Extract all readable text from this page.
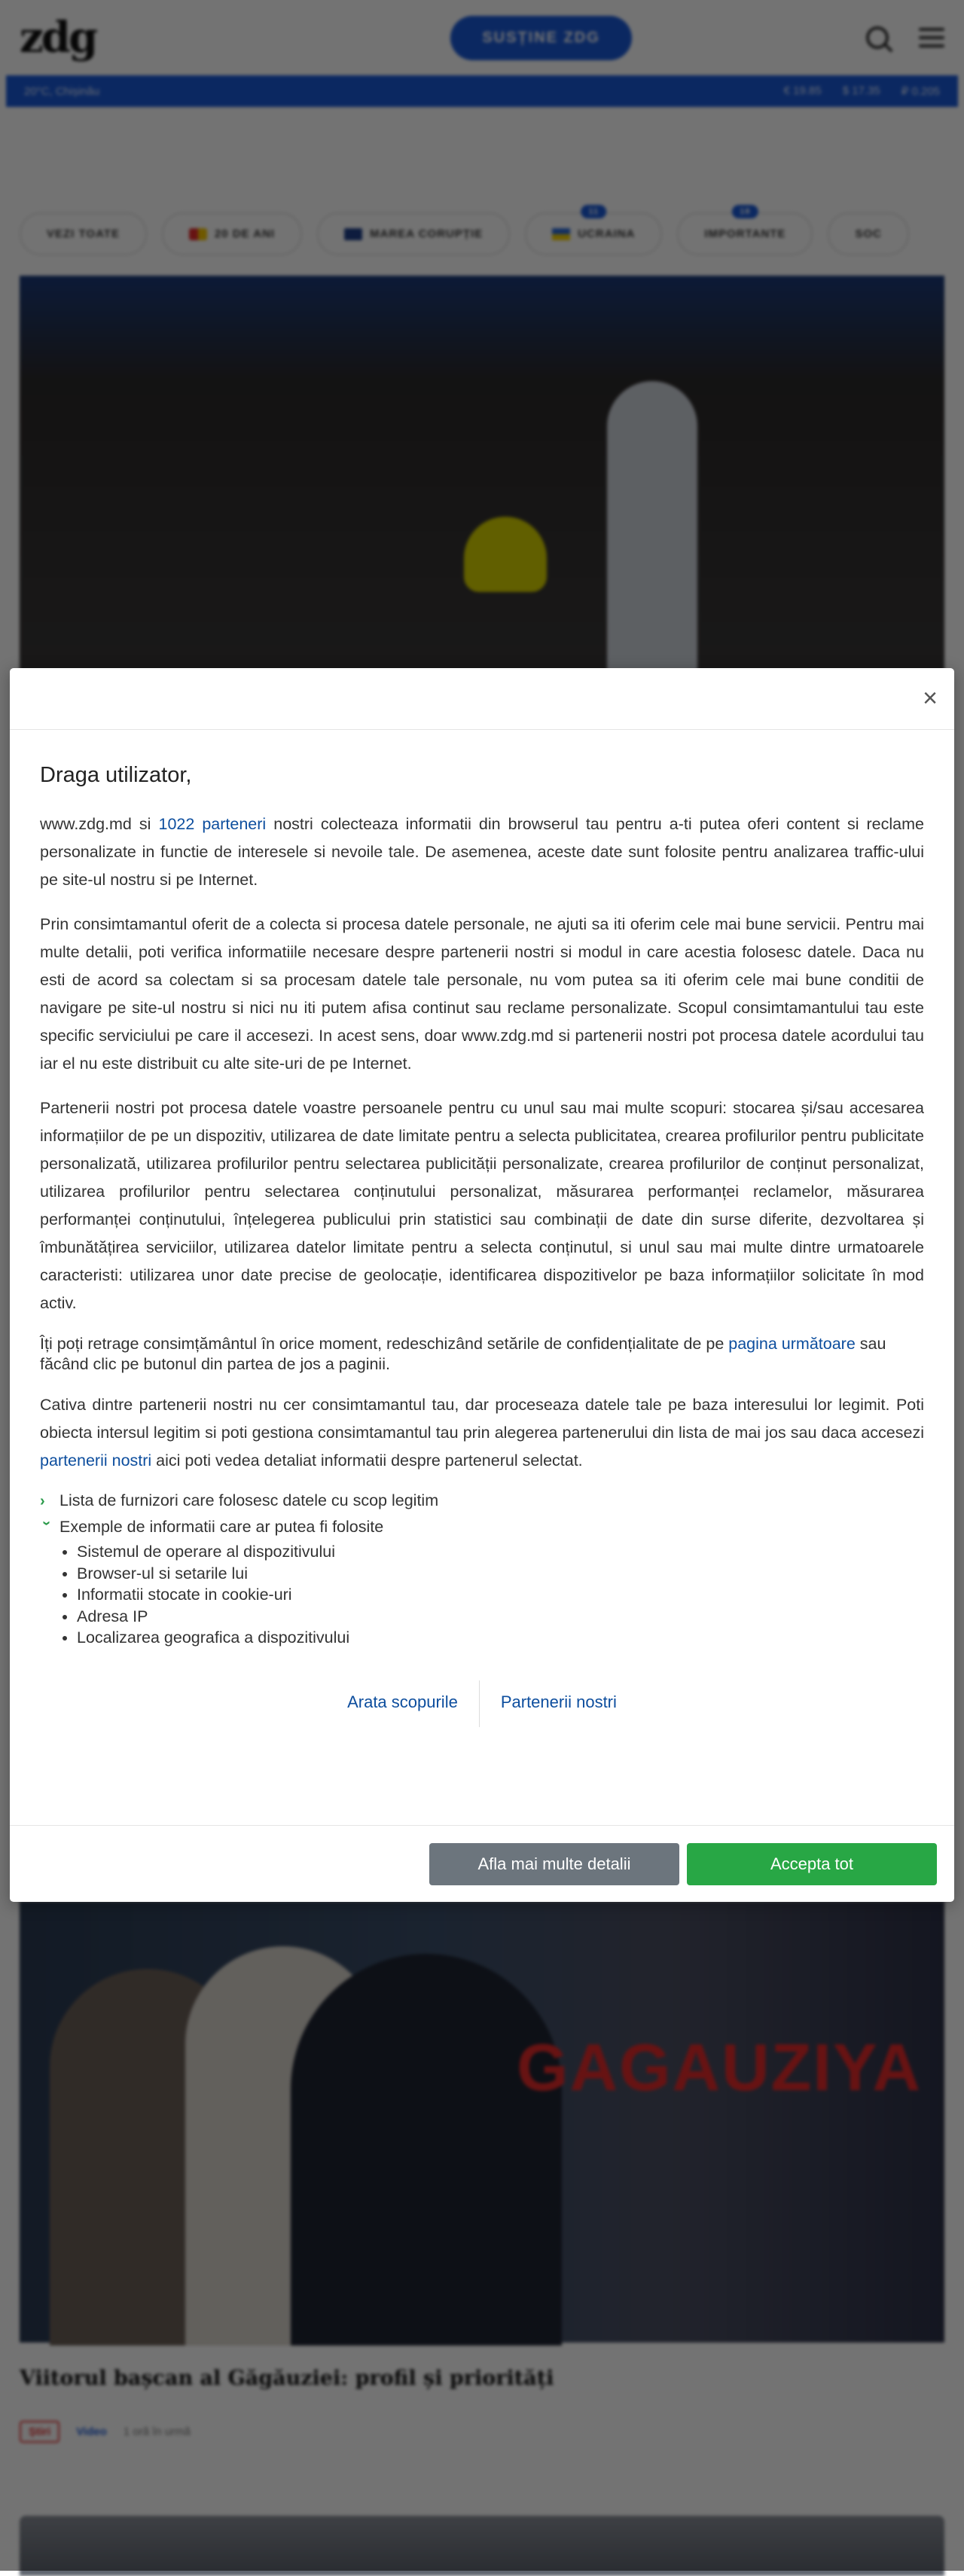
×
Draga utilizator,

www.zdg.md si 1022 parteneri nostri colecteaza informatii din browserul tau pentru a-ti putea oferi content si reclame personalizate in functie de interesele si nevoile tale. De asemenea, aceste date sunt folosite pentru analizarea traffic-ului pe site-ul nostru si pe Internet.

Prin consimtamantul oferit de a colecta si procesa datele personale, ne ajuti sa iti oferim cele mai bune servicii. Pentru mai multe detalii, poti verifica informatiile necesare despre partenerii nostri si modul in care acestia folosesc datele. Daca nu esti de acord sa colectam si sa procesam datele tale personale, nu vom putea sa iti oferim cele mai bune conditii de navigare pe site-ul nostru si nici nu iti putem afisa continut sau reclame personalizate. Scopul consimtamantului tau este specific serviciului pe care il accesezi. In acest sens, doar www.zdg.md si partenerii nostri pot procesa datele acordului tau iar el nu este distribuit cu alte site-uri de pe Internet.

Partenerii nostri pot procesa datele voastre persoanele pentru cu unul sau mai multe scopuri: stocarea și/sau accesarea informațiilor de pe un dispozitiv, utilizarea de date limitate pentru a selecta publicitatea, crearea profilurilor pentru publicitate personalizată, utilizarea profilurilor pentru selectarea publicității personalizate, crearea profilurilor de conținut personalizat, utilizarea profilurilor pentru selectarea conținutului personalizat, măsurarea performanței reclamelor, măsurarea performanței conținutului, înțelegerea publicului prin statistici sau combinații de date din surse diferite, dezvoltarea și îmbunătățirea serviciilor, utilizarea datelor limitate pentru a selecta conținutul, si unul sau mai multe dintre urmatoarele caracteristi: utilizarea unor date precise de geolocație, identificarea dispozitivelor pe baza informațiilor solicitate în mod activ.

Îți poți retrage consimțământul în orice moment, redeschizând setările de confidențialitate de pe pagina următoare sau făcând clic pe butonul din partea de jos a paginii.

Cativa dintre partenerii nostri nu cer consimtamantul tau, dar proceseaza datele tale pe baza interesului lor legimit. Poti obiecta intersul legitim si poti gestiona consimtamantul tau prin alegerea partenerului din lista de mai jos sau daca accesezi partenerii nostri aici poti vedea detaliat informatii despre partenerul selectat.

› Lista de furnizori care folosesc datele cu scop legitim
› Exemple de informatii care ar putea fi folosite
• Sistemul de operare al dispozitivului
• Browser-ul si setarile lui
• Informatii stocate in cookie-uri
• Adresa IP
• Localizarea geografica a dispozitivului
Arata scopurile	Partenerii nostri
Afla mai multe detalii	Accepta tot
